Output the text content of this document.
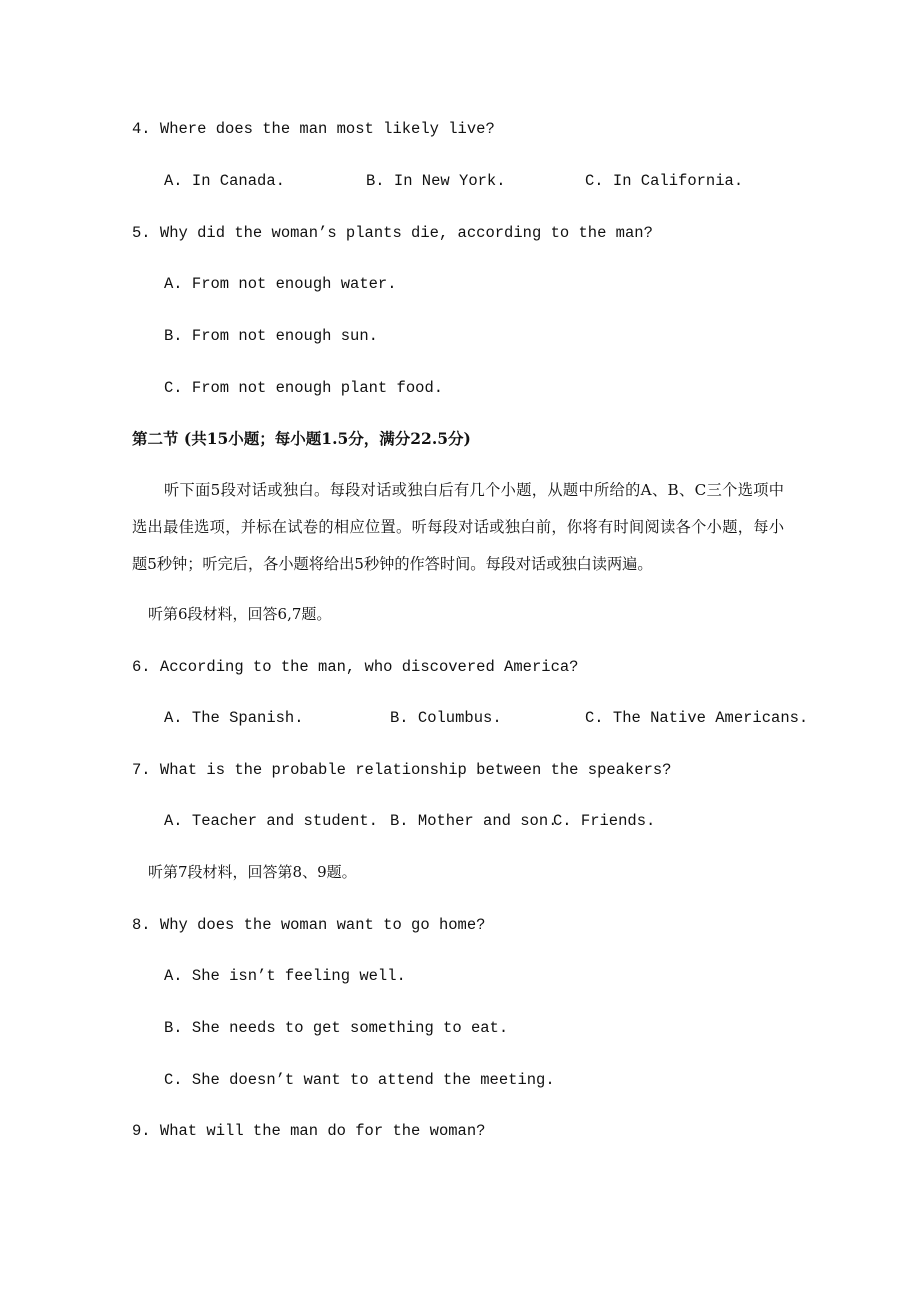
4. Where does the man most likely live?
A. In Canada.	B. In New York.	C. In California.
5. Why did the woman’s plants die, according to the man?
A. From not enough water.
B. From not enough sun.
C. From not enough plant food.
第二节 (共15小题；每小题1.5分，满分22.5分)
听下面5段对话或独白。每段对话或独白后有几个小题，从题中所给的A、B、C三个选项中选出最佳选项，并标在试卷的相应位置。听每段对话或独白前，你将有时间阅读各个小题，每小题5秒钟；听完后，各小题将给出5秒钟的作答时间。每段对话或独白读两遍。
听第6段材料，回答6,7题。
6. According to the man, who discovered America?
A. The Spanish.	B. Columbus.	C. The Native Americans.
7. What is the probable relationship between the speakers?
A. Teacher and student. B. Mother and son.
C. Friends.
听第7段材料，回答第8、9题。
8. Why does the woman want to go home?
A. She isn’t feeling well.
B. She needs to get something to eat.
C. She doesn’t want to attend the meeting.
9. What will the man do for the woman?
